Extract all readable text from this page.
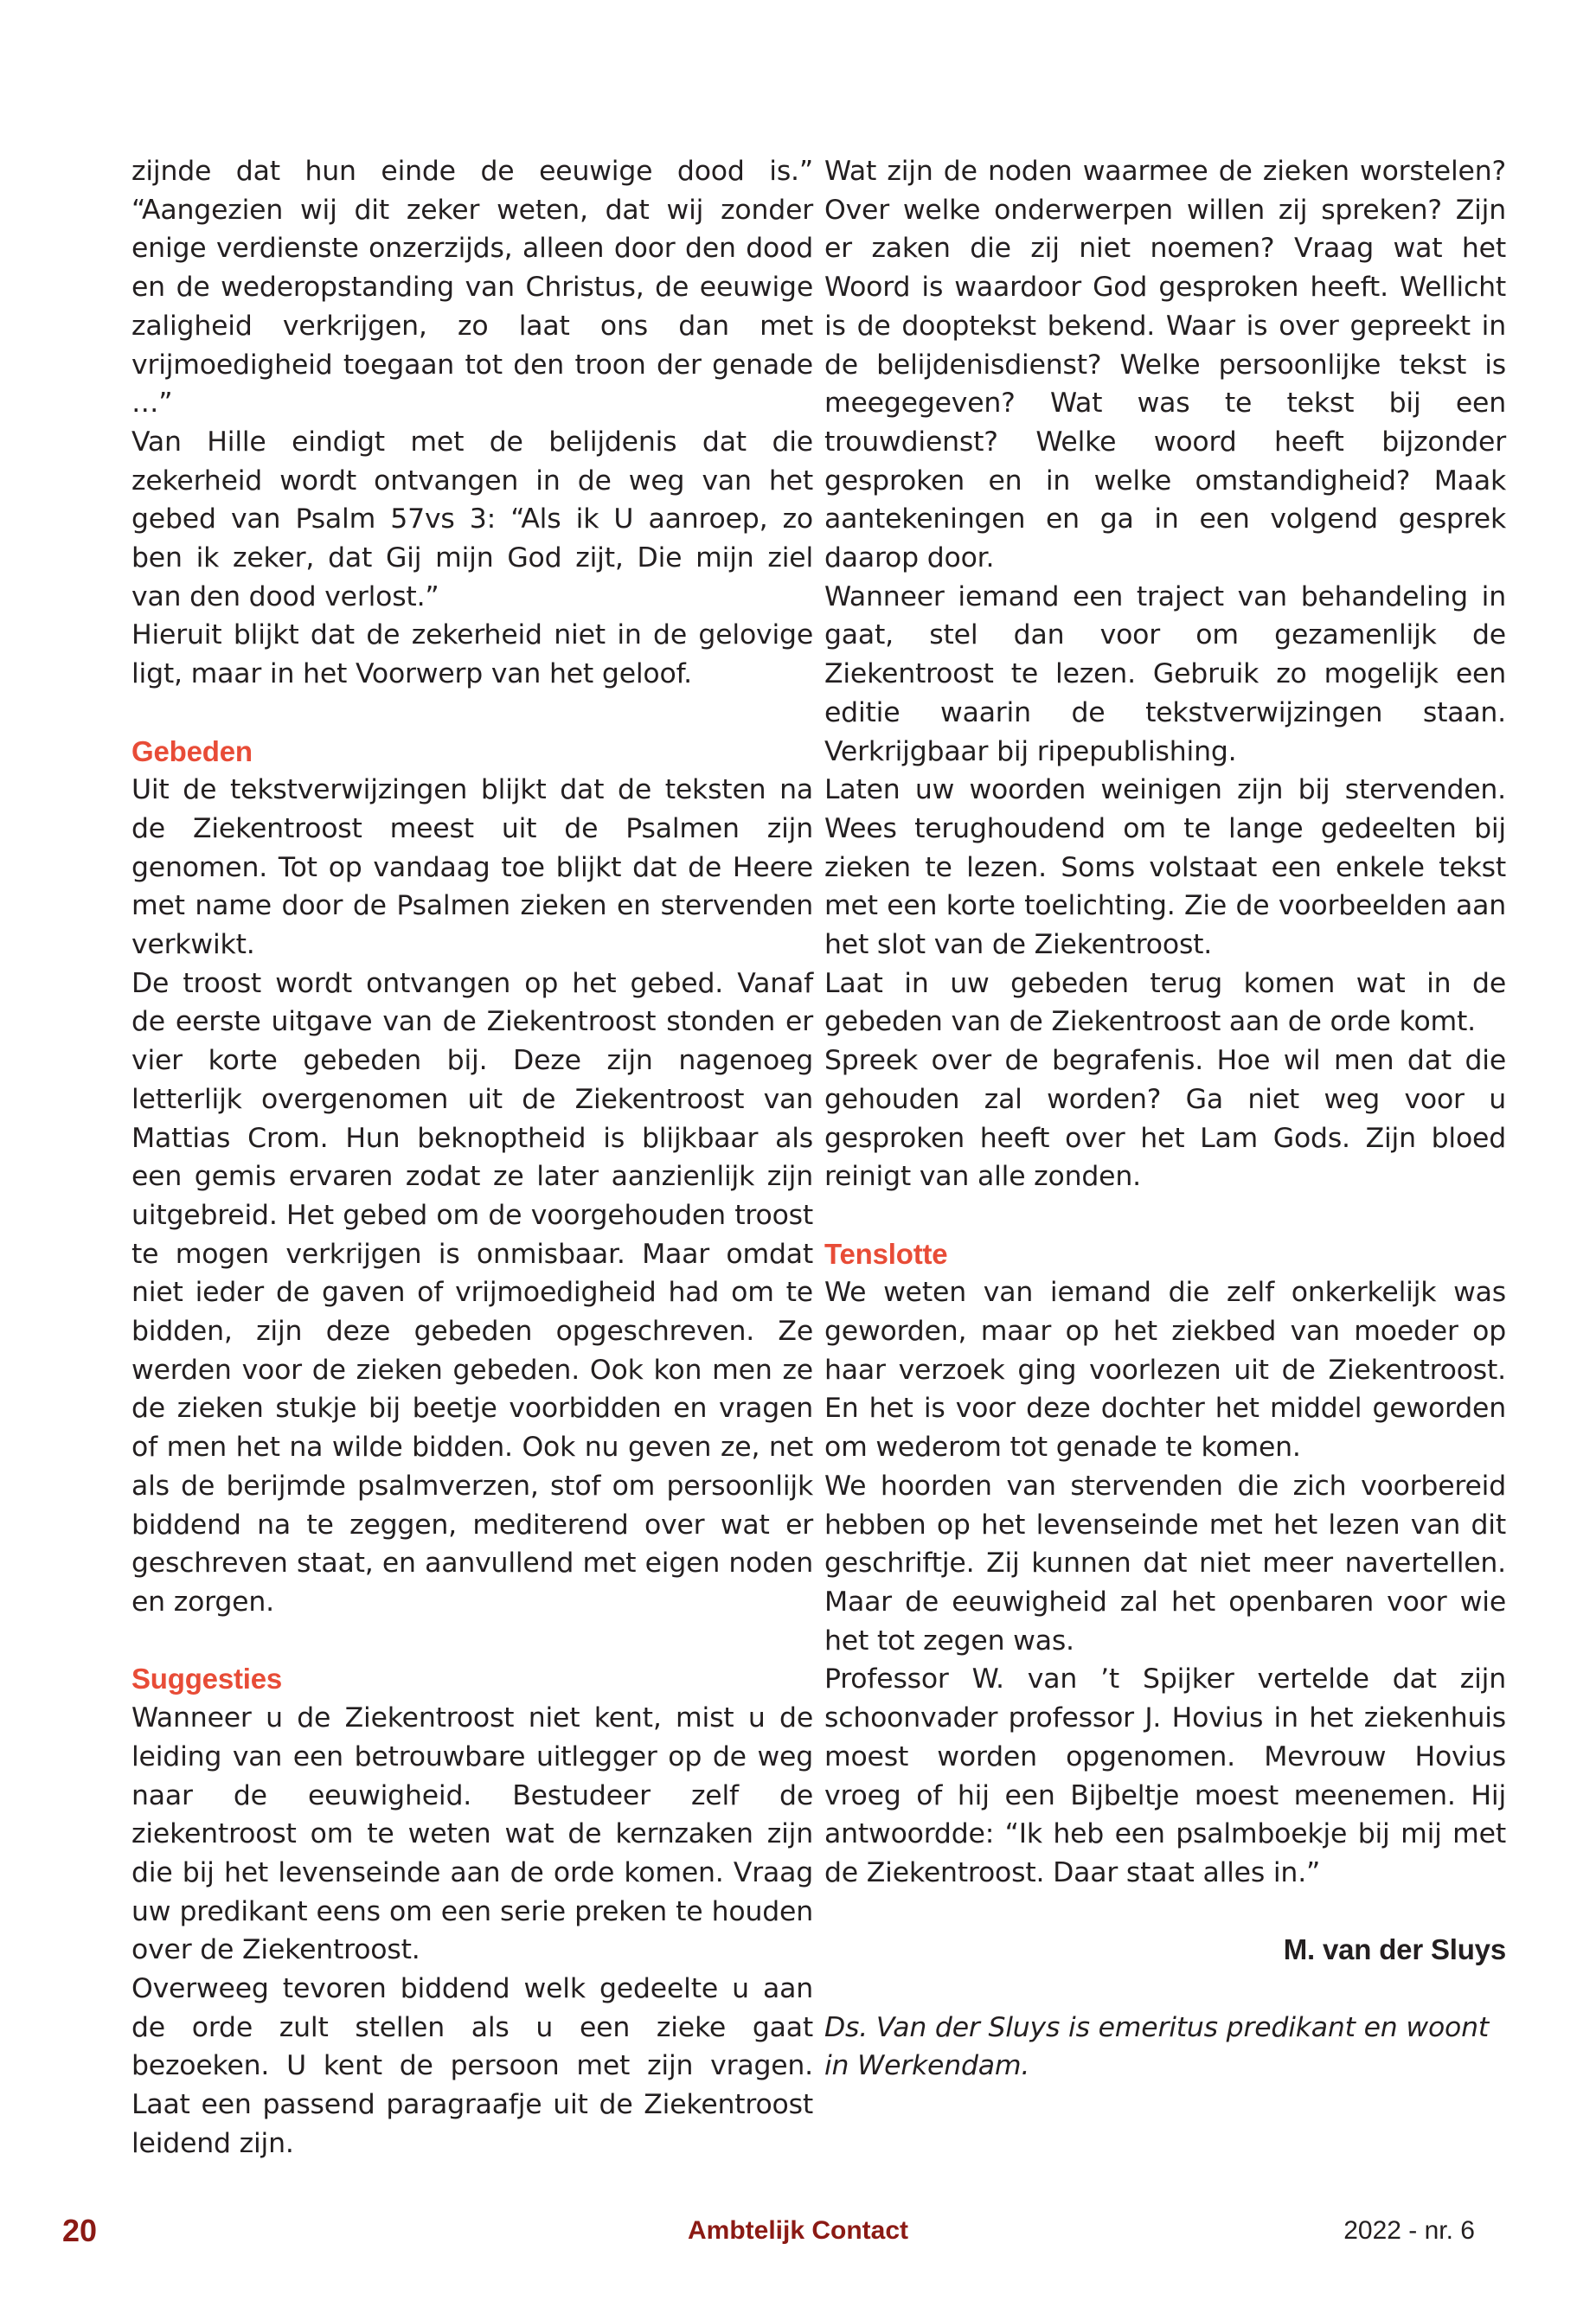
zijnde dat hun einde de eeuwige dood is.” “Aangezien wij dit zeker weten, dat wij zonder enige verdienste onzerzijds, alleen door den dood en de wederopstanding van Christus, de eeuwige zaligheid verkrijgen, zo laat ons dan met vrijmoedigheid toegaan tot den troon der genade …”

Van Hille eindigt met de belijdenis dat die zekerheid wordt ontvangen in de weg van het gebed van Psalm 57vs 3: “Als ik U aanroep, zo ben ik zeker, dat Gij mijn God zijt, Die mijn ziel van den dood verlost.”

Hieruit blijkt dat de zekerheid niet in de gelovige ligt, maar in het Voorwerp van het geloof.

Gebeden

Uit de tekstverwijzingen blijkt dat de teksten na de Ziekentroost meest uit de Psalmen zijn genomen. Tot op vandaag toe blijkt dat de Heere met name door de Psalmen zieken en stervenden verkwikt.

De troost wordt ontvangen op het gebed. Vanaf de eerste uitgave van de Ziekentroost stonden er vier korte gebeden bij. Deze zijn nagenoeg letterlijk overgenomen uit de Ziekentroost van Mattias Crom. Hun beknoptheid is blijkbaar als een gemis ervaren zodat ze later aanzienlijk zijn uitgebreid. Het gebed om de voorgehouden troost te mogen verkrijgen is onmisbaar. Maar omdat niet ieder de gaven of vrijmoedigheid had om te bidden, zijn deze gebeden opgeschreven. Ze werden voor de zieken gebeden. Ook kon men ze de zieken stukje bij beetje voorbidden en vragen of men het na wilde bidden. Ook nu geven ze, net als de berijmde psalmverzen, stof om persoonlijk biddend na te zeggen, mediterend over wat er geschreven staat, en aanvullend met eigen noden en zorgen.

Suggesties

Wanneer u de Ziekentroost niet kent, mist u de leiding van een betrouwbare uitlegger op de weg naar de eeuwigheid. Bestudeer zelf de ziekentroost om te weten wat de kernzaken zijn die bij het levenseinde aan de orde komen. Vraag uw predikant eens om een serie preken te houden over de Ziekentroost.

Overweeg tevoren biddend welk gedeelte u aan de orde zult stellen als u een zieke gaat bezoeken. U kent de persoon met zijn vragen. Laat een passend paragraafje uit de Ziekentroost leidend zijn.

Wat zijn de noden waarmee de zieken worstelen? Over welke onderwerpen willen zij spreken? Zijn er zaken die zij niet noemen? Vraag wat het Woord is waardoor God gesproken heeft. Wellicht is de dooptekst bekend. Waar is over gepreekt in de belijdenisdienst? Welke persoonlijke tekst is meegegeven? Wat was te tekst bij een trouwdienst? Welke woord heeft bijzonder gesproken en in welke omstandigheid? Maak aantekeningen en ga in een volgend gesprek daarop door.

Wanneer iemand een traject van behandeling in gaat, stel dan voor om gezamenlijk de Ziekentroost te lezen. Gebruik zo mogelijk een editie waarin de tekstverwijzingen staan. Verkrijgbaar bij ripepublishing.

Laten uw woorden weinigen zijn bij stervenden. Wees terughoudend om te lange gedeelten bij zieken te lezen. Soms volstaat een enkele tekst met een korte toelichting. Zie de voorbeelden aan het slot van de Ziekentroost.

Laat in uw gebeden terug komen wat in de gebeden van de Ziekentroost aan de orde komt.

Spreek over de begrafenis. Hoe wil men dat die gehouden zal worden? Ga niet weg voor u gesproken heeft over het Lam Gods. Zijn bloed reinigt van alle zonden.

Tenslotte

We weten van iemand die zelf onkerkelijk was geworden, maar op het ziekbed van moeder op haar verzoek ging voorlezen uit de Ziekentroost. En het is voor deze dochter het middel geworden om wederom tot genade te komen.

We hoorden van stervenden die zich voorbereid hebben op het levenseinde met het lezen van dit geschriftje. Zij kunnen dat niet meer navertellen. Maar de eeuwigheid zal het openbaren voor wie het tot zegen was.

Professor W. van ’t Spijker vertelde dat zijn schoonvader professor J. Hovius in het ziekenhuis moest worden opgenomen. Mevrouw Hovius vroeg of hij een Bijbeltje moest meenemen. Hij antwoordde: “Ik heb een psalmboekje bij mij met de Ziekentroost. Daar staat alles in.”

M. van der Sluys

Ds. Van der Sluys is emeritus predikant en woont in Werkendam.

20	Ambtelijk Contact	2022 - nr. 6
